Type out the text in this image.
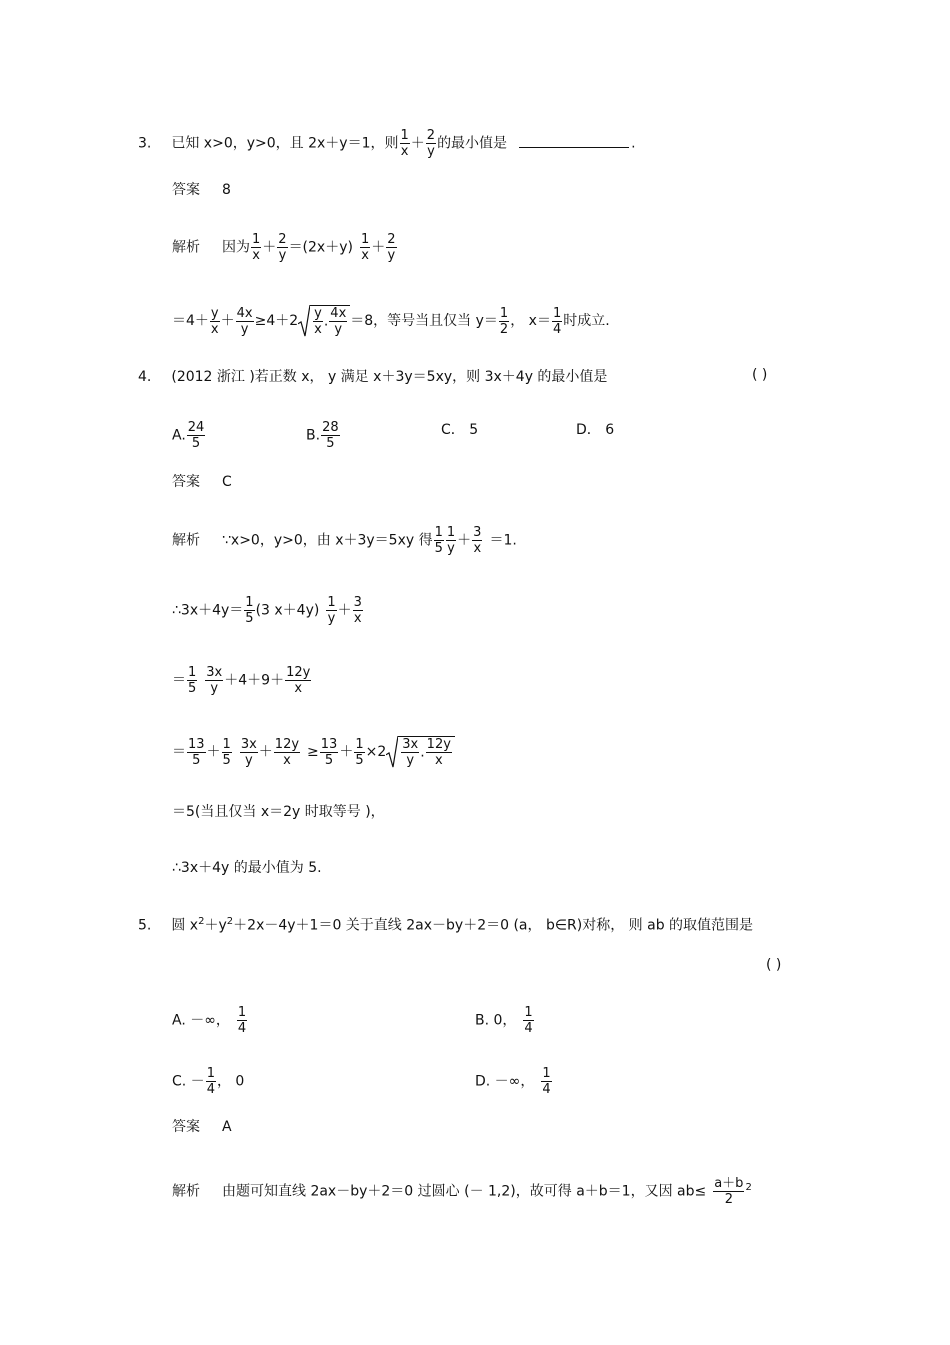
3. 已知 x>0，y>0，且 2x＋y＝1，则 $\frac{1}{x} + \frac{2}{y}$ 的最小值是	.
答案 8
解析 因为 $\frac{1}{x} + \frac{2}{y} =(2x+y) \frac{1}{x} + \frac{2}{y}$
$=4+ \frac{y}{x} + \frac{4x}{y} \ge 4+2 \frac{y}{x}$ . $\frac{4x}{y} =8$，等号当且仅当 $y= \frac{1}{2}$ ， $x= \frac{1}{4}$ 时成立.
4. (2012 浙江 )若正数 x， y 满足 x＋3y＝5xy，则 3x＋4y 的最小值是	( )
A. $\frac{24}{5}$	B. $\frac{28}{5}$	C． 5	D． 6
答案 C
解析 ∵x>0，y>0，由 x＋3y＝5xy 得 $\frac{1}{5} \frac{1}{y} + \frac{3}{x} =1$.
∴3x＋4y＝ $\frac{1}{5} (3$ $x+4y) \frac{1}{y} + \frac{3}{x}$
＝ $\frac{1}{5} \frac{3x}{y} +4+9+ \frac{12y}{x}$
＝ $\frac{13}{5} + \frac{1}{5} \frac{3x}{y} + \frac{12y}{x} \ge \frac{13}{5} + \frac{1}{5} \times 2 \frac{3x}{y}$ . $\frac{12y}{x}$
＝5(当且仅当 x＝2y 时取等号 )，
∴3x＋4y 的最小值为 5.
5. 圆 $x^2+y^2+2x-4y+1=0$ 关于直线 2ax－by＋2＝0 (a， b∈R)对称， 则 ab 的取值范围是
( )
A. －∞， $\frac{1}{4}$	B. 0， $\frac{1}{4}$
C. － $\frac{1}{4}$ ， 0	D. －∞， $\frac{1}{4}$
答案 A
解析 由题可知直线 2ax－by＋2＝0 过圆心 (－ 1,2)，故可得 a＋b＝1，又因 $ab\le \frac{a+b}{2} ^2$
